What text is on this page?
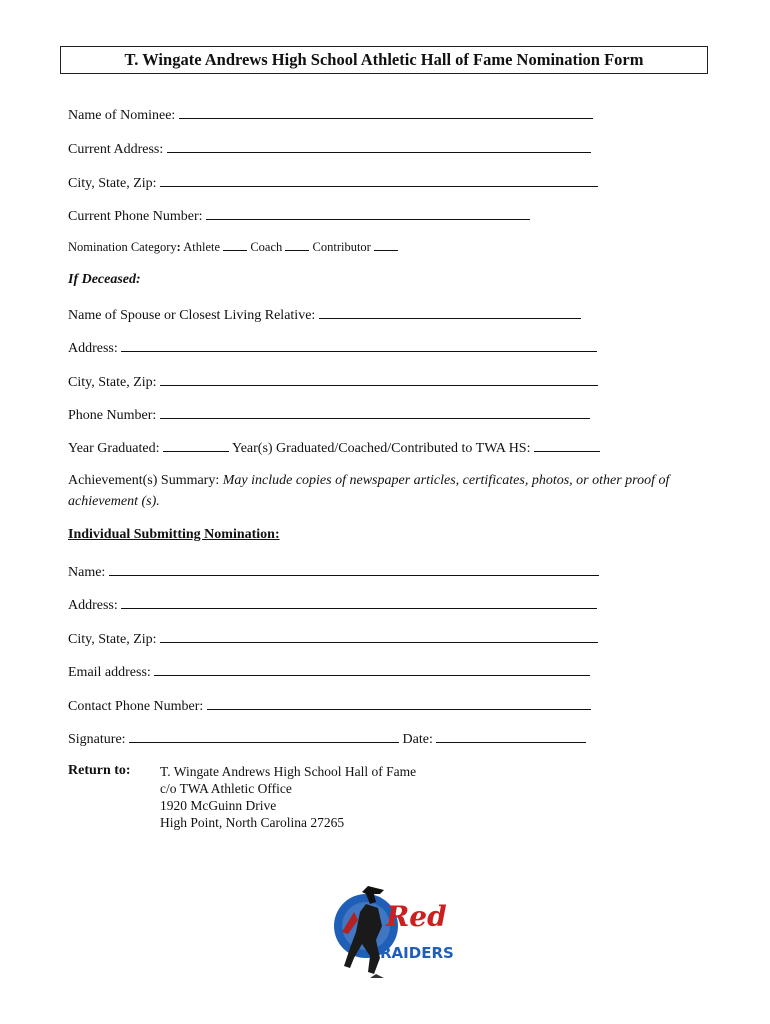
T. Wingate Andrews High School Athletic Hall of Fame Nomination Form
Name of Nominee:
Current Address:
City, State, Zip:
Current Phone Number:
Nomination Category: Athlete Coach Contributor
If Deceased:
Name of Spouse or Closest Living Relative:
Address:
City, State, Zip:
Phone Number:
Year Graduated:	Year(s) Graduated/Coached/Contributed to TWA HS:
Achievement(s) Summary: May include copies of newspaper articles, certificates, photos, or other proof of achievement (s).
Individual Submitting Nomination:
Name:
Address:
City, State, Zip:
Email address:
Contact Phone Number:
Signature:	Date:
Return to: T. Wingate Andrews High School Hall of Fame
c/o TWA Athletic Office
1920 McGuinn Drive
High Point, North Carolina 27265
Red
RAIDERS
